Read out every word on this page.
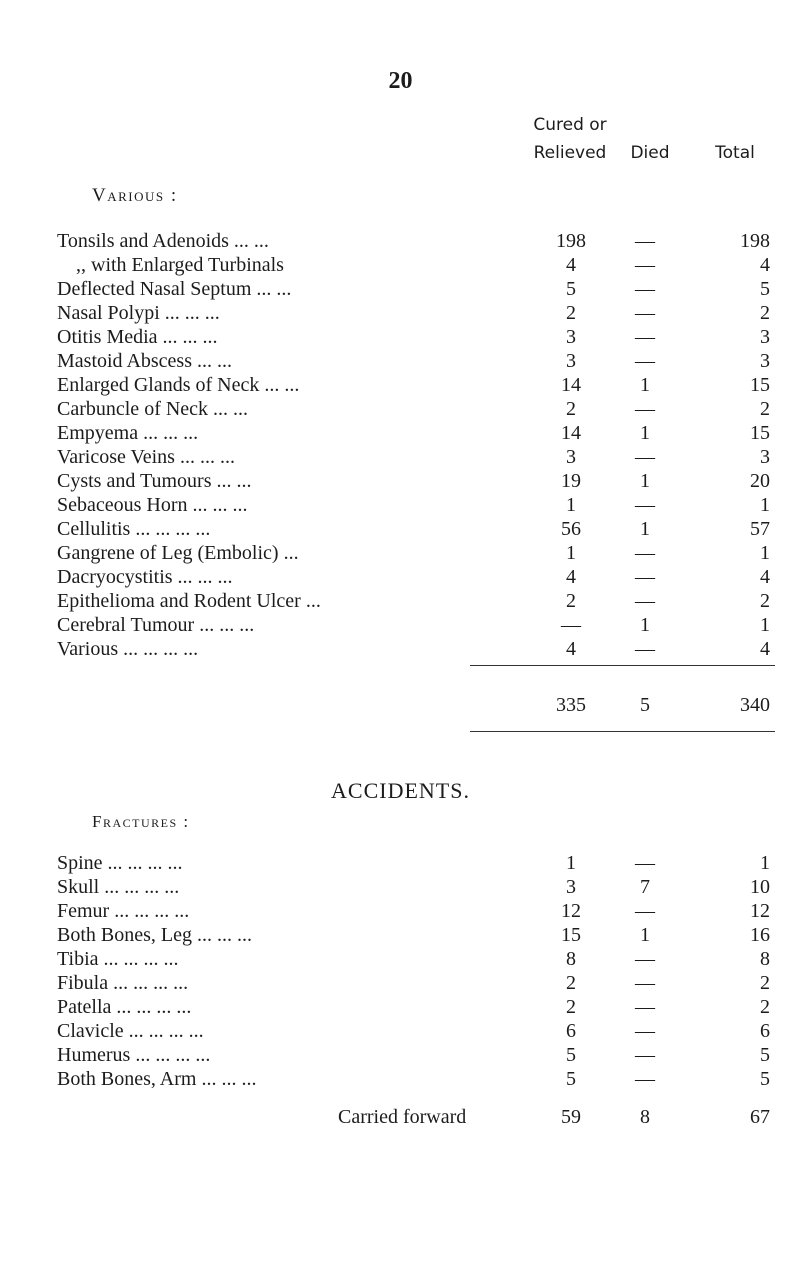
20
Cured or
Relieved	Died	Total
Various :
Tonsils and Adenoids ... ...	198	—	198
,, with Enlarged Turbinals	4	—	4
Deflected Nasal Septum ... ...	5	—	5
Nasal Polypi ... ... ...	2	—	2
Otitis Media ... ... ...	3	—	3
Mastoid Abscess ... ...	3	—	3
Enlarged Glands of Neck ... ...	14	1	15
Carbuncle of Neck ... ...	2	—	2
Empyema ... ... ...	14	1	15
Varicose Veins ... ... ...	3	—	3
Cysts and Tumours ... ...	19	1	20
Sebaceous Horn ... ... ...	1	—	1
Cellulitis ... ... ... ...	56	1	57
Gangrene of Leg (Embolic) ...	1	—	1
Dacryocystitis ... ... ...	4	—	4
Epithelioma and Rodent Ulcer ...	2	—	2
Cerebral Tumour ... ... ...	—	1	1
Various ... ... ... ...	4	—	4
335	5	340
ACCIDENTS.
Fractures :
Spine ... ... ... ...	1	—	1
Skull ... ... ... ...	3	7	10
Femur ... ... ... ...	12	—	12
Both Bones, Leg ... ... ...	15	1	16
Tibia ... ... ... ...	8	—	8
Fibula ... ... ... ...	2	—	2
Patella ... ... ... ...	2	—	2
Clavicle ... ... ... ...	6	—	6
Humerus ... ... ... ...	5	—	5
Both Bones, Arm ... ... ...	5	—	5
Carried forward	59	8	67
